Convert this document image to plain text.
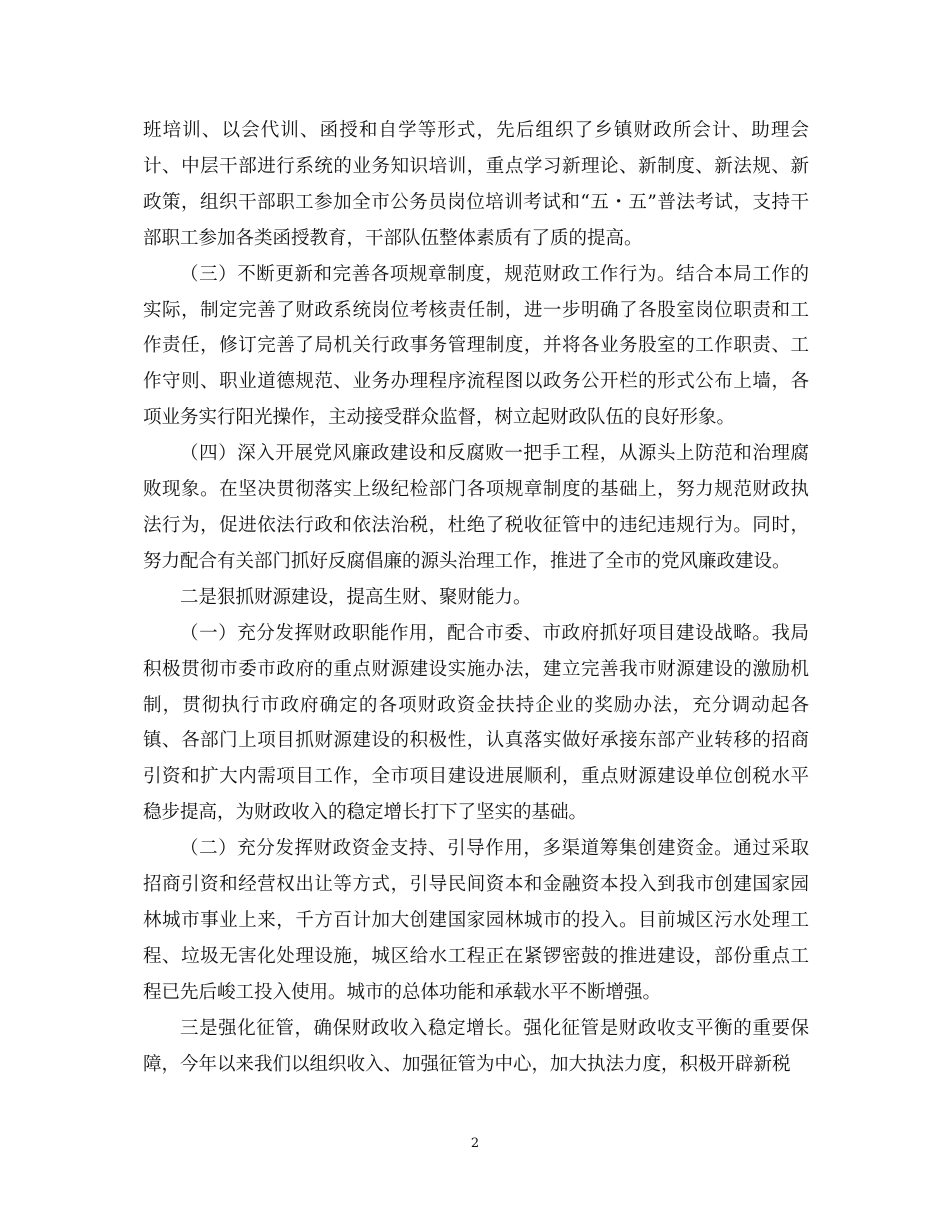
班培训、以会代训、函授和自学等形式，先后组织了乡镇财政所会计、助理会计、中层干部进行系统的业务知识培训，重点学习新理论、新制度、新法规、新政策，组织干部职工参加全市公务员岗位培训考试和“五・五”普法考试，支持干部职工参加各类函授教育，干部队伍整体素质有了质的提高。
（三）不断更新和完善各项规章制度，规范财政工作行为。结合本局工作的实际，制定完善了财政系统岗位考核责任制，进一步明确了各股室岗位职责和工作责任，修订完善了局机关行政事务管理制度，并将各业务股室的工作职责、工作守则、职业道德规范、业务办理程序流程图以政务公开栏的形式公布上墙，各项业务实行阳光操作，主动接受群众监督，树立起财政队伍的良好形象。
（四）深入开展党风廉政建设和反腐败一把手工程，从源头上防范和治理腐败现象。在坚决贯彻落实上级纪检部门各项规章制度的基础上，努力规范财政执法行为，促进依法行政和依法治税，杜绝了税收征管中的违纪违规行为。同时，努力配合有关部门抓好反腐倡廉的源头治理工作，推进了全市的党风廉政建设。
二是狠抓财源建设，提高生财、聚财能力。
（一）充分发挥财政职能作用，配合市委、市政府抓好项目建设战略。我局积极贯彻市委市政府的重点财源建设实施办法，建立完善我市财源建设的激励机制，贯彻执行市政府确定的各项财政资金扶持企业的奖励办法，充分调动起各镇、各部门上项目抓财源建设的积极性，认真落实做好承接东部产业转移的招商引资和扩大内需项目工作，全市项目建设进展顺利，重点财源建设单位创税水平稳步提高，为财政收入的稳定增长打下了坚实的基础。
（二）充分发挥财政资金支持、引导作用，多渠道筹集创建资金。通过采取招商引资和经营权出让等方式，引导民间资本和金融资本投入到我市创建国家园林城市事业上来，千方百计加大创建国家园林城市的投入。目前城区污水处理工程、垃圾无害化处理设施，城区给水工程正在紧锣密鼓的推进建设，部份重点工程已先后峻工投入使用。城市的总体功能和承载水平不断增强。
三是强化征管，确保财政收入稳定增长。强化征管是财政收支平衡的重要保障，今年以来我们以组织收入、加强征管为中心，加大执法力度，积极开辟新税
2
